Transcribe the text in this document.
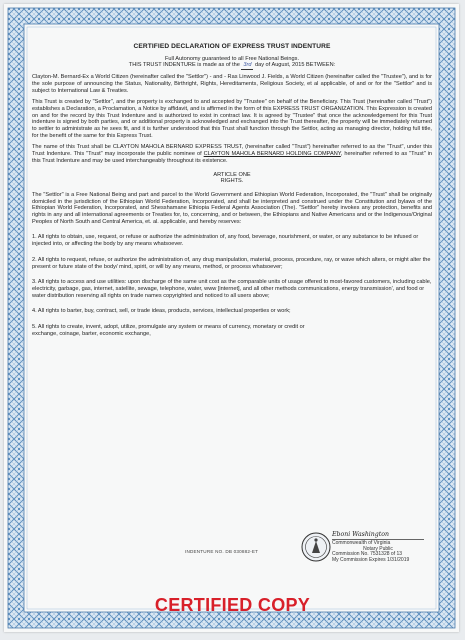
CERTIFIED DECLARATION OF EXPRESS TRUST INDENTURE

Full Autonomy guaranteed to all Free National Beings.

THIS TRUST INDENTURE is made as of the 3rd day of August, 2015 BETWEEN:

Clayton-M. Bernard-Ex a World Citizen (hereinafter called the "Settlor") - and - Ras Linwood J. Fields, a World Citizen (hereinafter called the "Trustee"), and is for the sole purpose of announcing the Status, Nationality, Birthright, Rights, Hereditaments, Religious Society, et al applicable, of and or for the "Settlor" and is subject to International Law & Treaties.

This Trust is created by "Settlor", and the property is exchanged to and accepted by "Trustee" on behalf of the Beneficiary. This Trust (hereinafter called "Trust") establishes a Declaration, a Proclamation, a Notice by affidavit, and is affirmed in the form of this EXPRESS TRUST ORGANIZATION. This Expression is created on and for the record by this Trust Indenture and is authorized to exist in contract law. It is agreed by "Trustee" that once the acknowledgement for this Trust indenture is signed by both parties, and or additional property is acknowledged and exchanged into the Trust thereafter, the property will be immediately returned to settler to administrate as he sees fit, and it is further understood that this Trust shall function through the Settlor, acting as managing director, holding full title, for the benefit of the same for this Express Trust.

The name of this Trust shall be CLAYTON MAHOLA BERNARD EXPRESS TRUST, (hereinafter called "Trust") hereinafter referred to as the "Trust", under this Trust Indenture. This "Trust" may incorporate the public nominee of CLAYTON MAHOLA BERNARD HOLDING COMPANY, hereinafter referred to as "Trust" in this Trust Indenture and may be used interchangeably throughout its existence.

ARTICLE ONE

RIGHTS.

The "Settlor" is a Free National Being and part and parcel to the World Government and Ethiopian World Federation, Incorporated, the "Trust" shall be originally domiciled in the jurisdiction of the Ethiopian World Federation, Incorporated, and shall be interpreted and construed under the Constitution and bylaws of the Ethiopian World Federation, Incorporated, and Shesshamane Ethiopia Federal Agents Association (The). "Settlor" hereby invokes any protection, benefits and rights in any and all international agreements or Treaties for, to, concerning, and or between, the Ethiopians and Native Americans and or the Indigenous/Original Peoples of North South and Central America, et. al. applicable, and hereby reserves:

1. All rights to obtain, use, request, or refuse or authorize the administration of, any food, beverage, nourishment, or water, or any substance to be infused or injected into, or affecting the body by any means whatsoever.

2. All rights to request, refuse, or authorize the administration of, any drug manipulation, material, process, procedure, ray, or wave which alters, or might alter the present or future state of the body/ mind, spirit, or will by any means, method, or process whatsoever;

3. All rights to access and use utilities: upon discharge of the same unit cost as the comparable units of usage offered to most-favored customers, including cable, electricity, garbage, gas, internet, satellite, sewage, telephone, water, www [internet], and all other methods communications, energy transmission', and food or water distribution reserving all rights on trade names copyrighted and noticed to all users above;

4. All rights to barter, buy, contract, sell, or trade ideas, products, services, intellectual properties or work;

5. All rights to create, invent, adopt, utilize, promulgate any system or means of currency, monetary or credit or exchange, coinage, barter, economic exchange,

INDENTURE NO. DB 030882-ET
Eboni Washington
Commonwealth of Virginia
Notary Public
Commission No. 7531328 of 13
My Commission Expires 1/31/2019
CERTIFIED COPY
